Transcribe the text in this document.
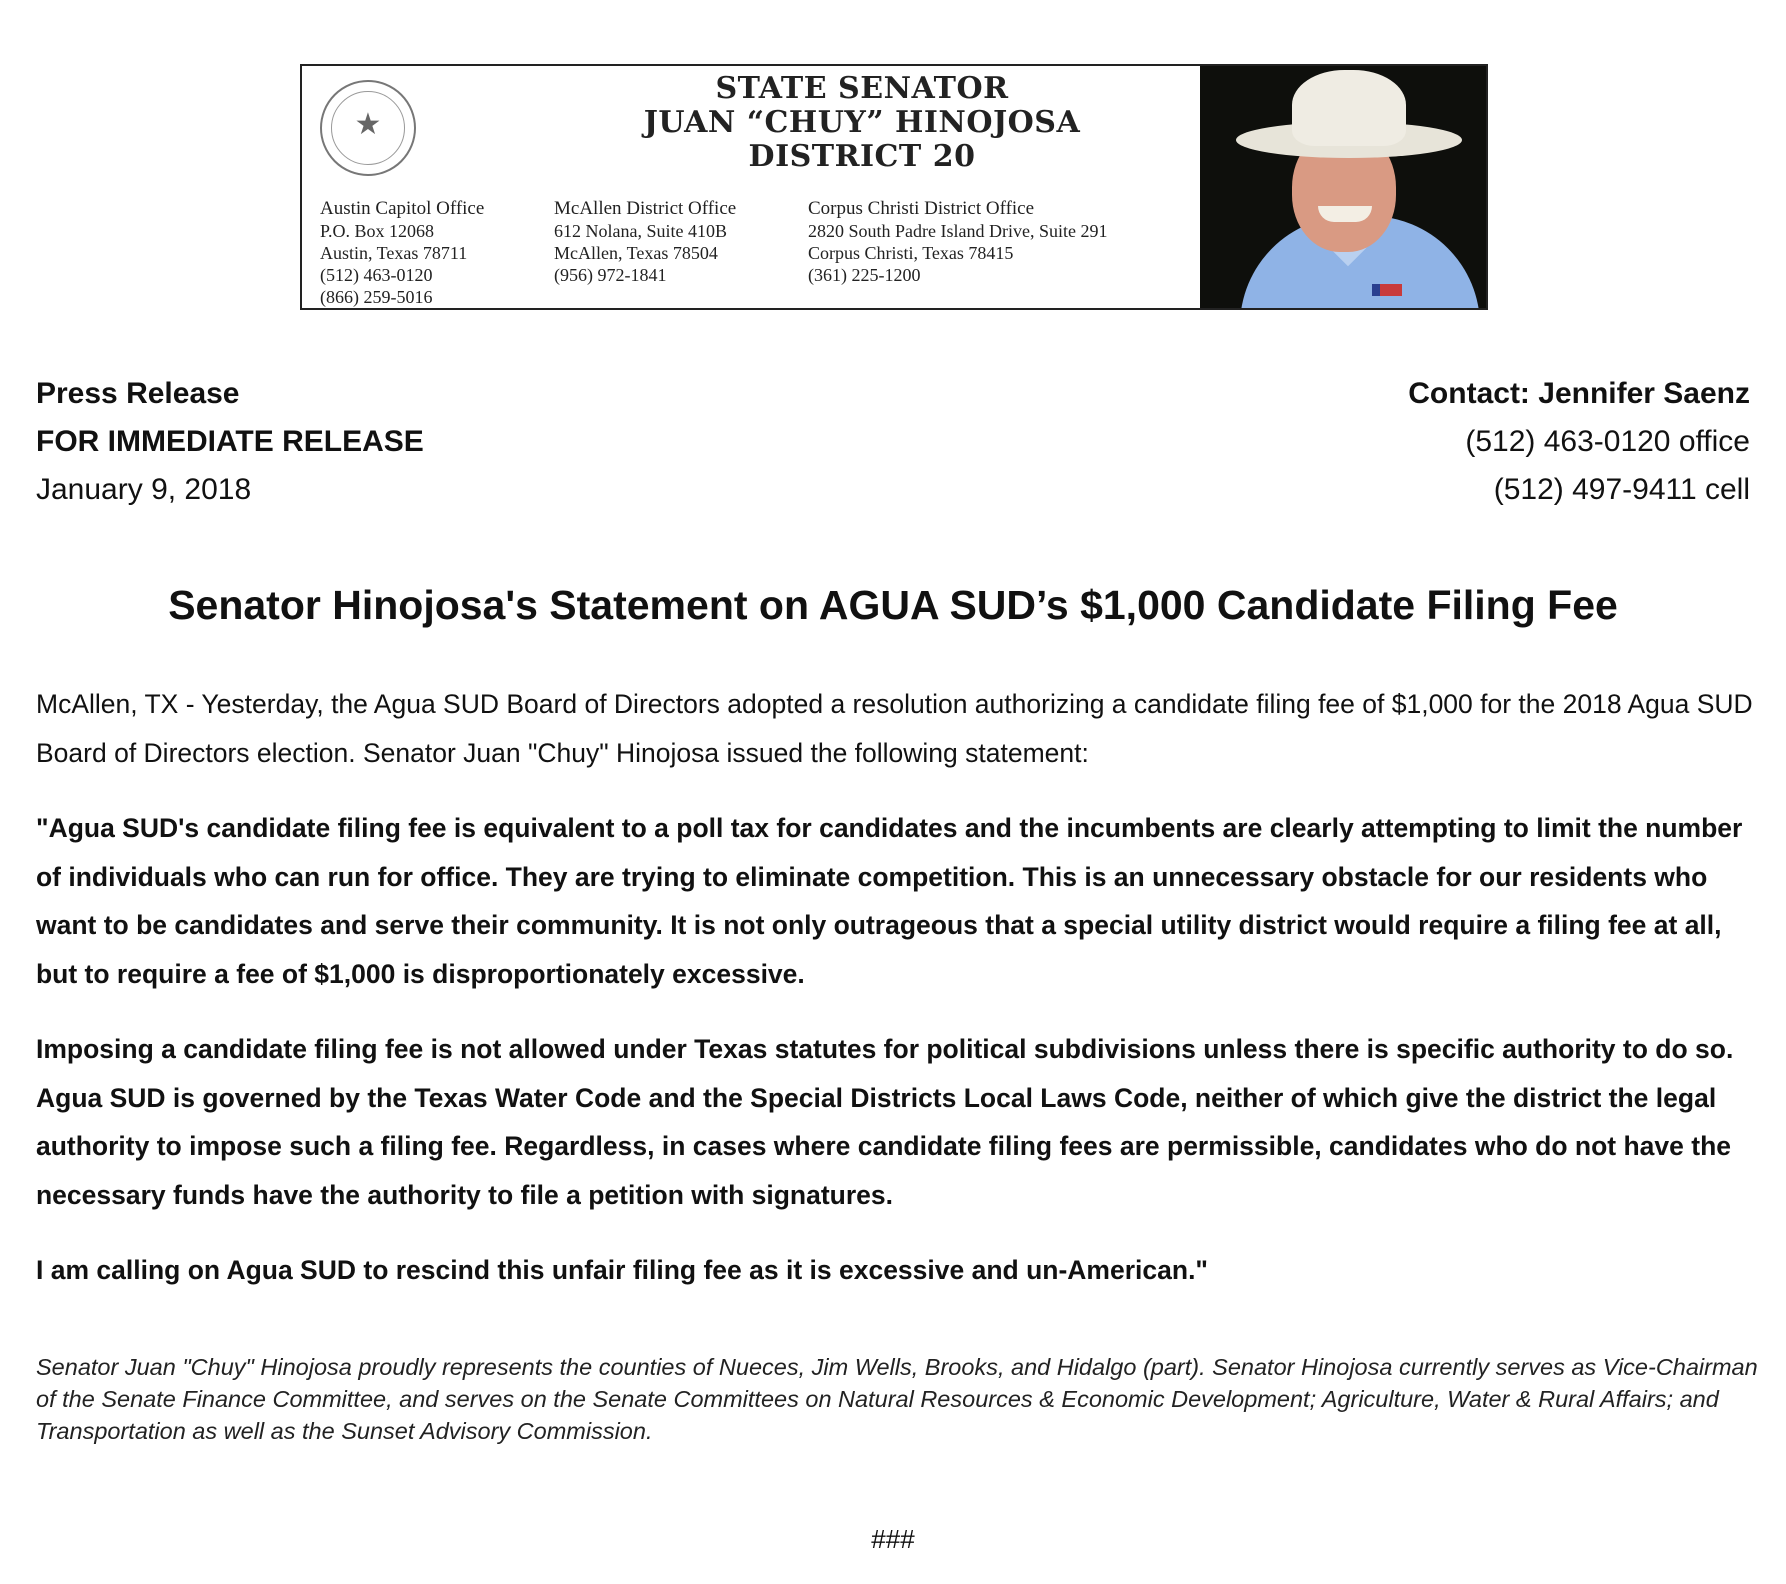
★
STATE SENATOR
JUAN “CHUY” HINOJOSA
DISTRICT 20
Austin Capitol Office
P.O. Box 12068
Austin, Texas 78711
(512) 463-0120
(866) 259-5016
McAllen District Office
612 Nolana, Suite 410B
McAllen, Texas 78504
(956) 972-1841
Corpus Christi District Office
2820 South Padre Island Drive, Suite 291
Corpus Christi, Texas 78415
(361) 225-1200
Press Release
FOR IMMEDIATE RELEASE
January 9, 2018
Contact: Jennifer Saenz
(512) 463-0120 office
(512) 497-9411 cell
Senator Hinojosa's Statement on AGUA SUD’s $1,000 Candidate Filing Fee

McAllen, TX - Yesterday, the Agua SUD Board of Directors adopted a resolution authorizing a candidate filing fee of $1,000 for the 2018 Agua SUD Board of Directors election. Senator Juan "Chuy" Hinojosa issued the following statement:

"Agua SUD's candidate filing fee is equivalent to a poll tax for candidates and the incumbents are clearly attempting to limit the number of individuals who can run for office. They are trying to eliminate competition. This is an unnecessary obstacle for our residents who want to be candidates and serve their community. It is not only outrageous that a special utility district would require a filing fee at all, but to require a fee of $1,000 is disproportionately excessive.

Imposing a candidate filing fee is not allowed under Texas statutes for political subdivisions unless there is specific authority to do so. Agua SUD is governed by the Texas Water Code and the Special Districts Local Laws Code, neither of which give the district the legal authority to impose such a filing fee. Regardless, in cases where candidate filing fees are permissible, candidates who do not have the necessary funds have the authority to file a petition with signatures.

I am calling on Agua SUD to rescind this unfair filing fee as it is excessive and un-American."

Senator Juan "Chuy" Hinojosa proudly represents the counties of Nueces, Jim Wells, Brooks, and Hidalgo (part). Senator Hinojosa currently serves as Vice-Chairman of the Senate Finance Committee, and serves on the Senate Committees on Natural Resources & Economic Development; Agriculture, Water & Rural Affairs; and Transportation as well as the Sunset Advisory Commission.
###
